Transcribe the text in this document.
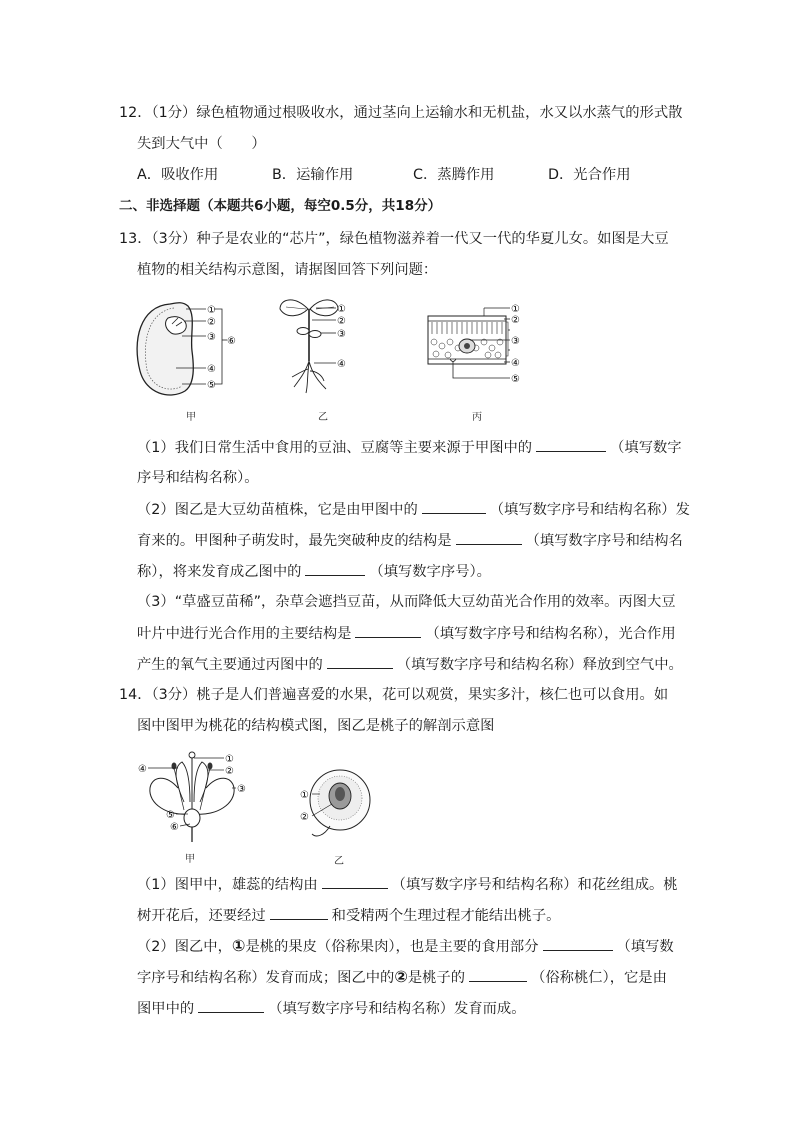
12．（1分）绿色植物通过根吸收水，通过茎向上运输水和无机盐，水又以水蒸气的形式散
失到大气中（　　）
A．吸收作用	B．运输作用	C．蒸腾作用	D．光合作用
二、非选择题（本题共6小题，每空0.5分，共18分）
13．（3分）种子是农业的“芯片”，绿色植物滋养着一代又一代的华夏儿女。如图是大豆
植物的相关结构示意图，请据图回答下列问题：
①
②
③
④
⑤
⑥
甲
①
②
③
④
乙
①
②
③
④
⑤
丙
（1）我们日常生活中食用的豆油、豆腐等主要来源于甲图中的	（填写数字
序号和结构名称）。
（2）图乙是大豆幼苗植株，它是由甲图中的	（填写数字序号和结构名称）发
育来的。甲图种子萌发时，最先突破种皮的结构是	（填写数字序号和结构名
称），将来发育成乙图中的	（填写数字序号）。
（3）“草盛豆苗稀”，杂草会遮挡豆苗，从而降低大豆幼苗光合作用的效率。丙图大豆
叶片中进行光合作用的主要结构是	（填写数字序号和结构名称），光合作用
产生的氧气主要通过丙图中的	（填写数字序号和结构名称）释放到空气中。
14．（3分）桃子是人们普遍喜爱的水果，花可以观赏，果实多汁，核仁也可以食用。如
图中图甲为桃花的结构模式图，图乙是桃子的解剖示意图
④
①
②
③
⑤
⑥
甲
①
②
乙
（1）图甲中，雄蕊的结构由	（填写数字序号和结构名称）和花丝组成。桃
树开花后，还要经过	和受精两个生理过程才能结出桃子。
（2）图乙中，①是桃的果皮（俗称果肉），也是主要的食用部分	（填写数
字序号和结构名称）发育而成；图乙中的②是桃子的	（俗称桃仁），它是由
图甲中的	（填写数字序号和结构名称）发育而成。
